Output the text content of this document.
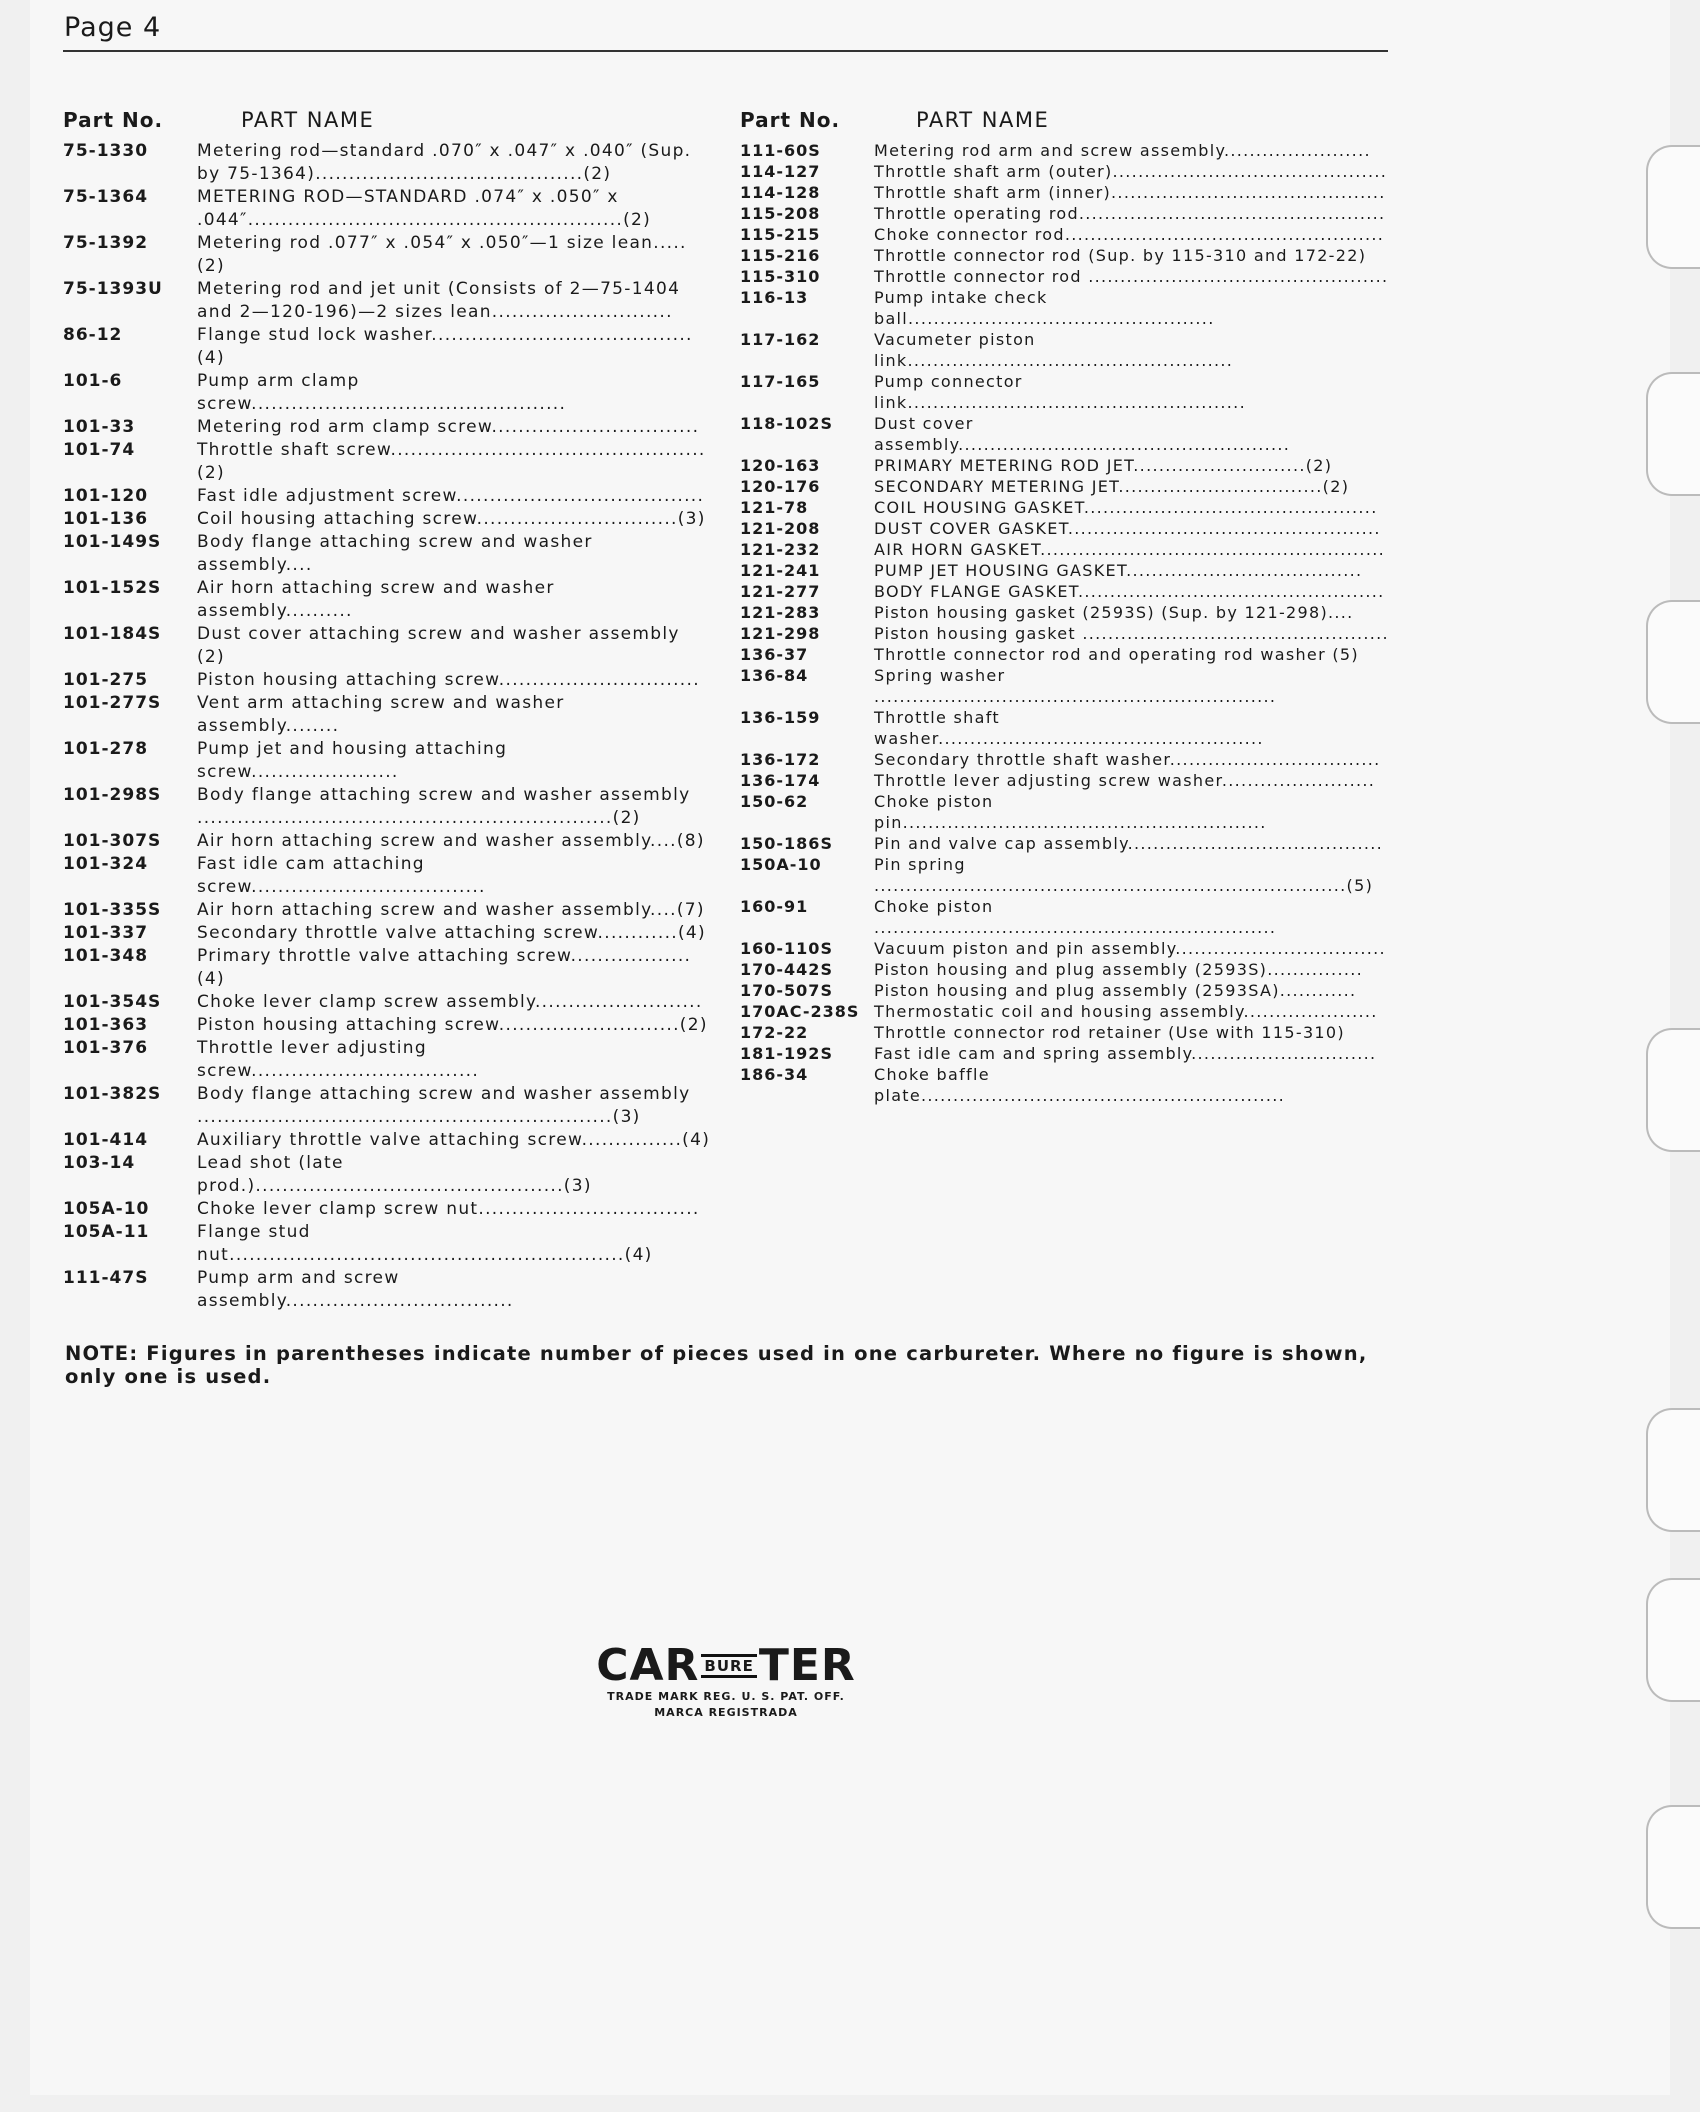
Page 4
Part No.	PART NAME
75-1330	Metering rod—standard .070″ x .047″ x .040″ (Sup. by 75-1364)........................................(2)
75-1364	METERING ROD—STANDARD .074″ x .050″ x .044″........................................................(2)
75-1392	Metering rod .077″ x .054″ x .050″—1 size lean.....(2)
75-1393U Metering rod and jet unit (Consists of 2—75-1404 and 2—120-196)—2 sizes lean...........................
86-12	Flange stud lock washer.......................................(4)
101-6	Pump arm clamp screw...............................................
101-33	Metering rod arm clamp screw...............................
101-74	Throttle shaft screw...............................................(2)
101-120	Fast idle adjustment screw.....................................
101-136	Coil housing attaching screw..............................(3)
101-149S Body flange attaching screw and washer assembly....
101-152S Air horn attaching screw and washer assembly..........
101-184S Dust cover attaching screw and washer assembly (2)
101-275	Piston housing attaching screw..............................
101-277S Vent arm attaching screw and washer assembly........
101-278	Pump jet and housing attaching screw......................
101-298S Body flange attaching screw and washer assembly ..............................................................(2)
101-307S Air horn attaching screw and washer assembly....(8)
101-324	Fast idle cam attaching screw...................................
101-335S Air horn attaching screw and washer assembly....(7)
101-337	Secondary throttle valve attaching screw............(4)
101-348	Primary throttle valve attaching screw..................(4)
101-354S Choke lever clamp screw assembly.........................
101-363	Piston housing attaching screw...........................(2)
101-376	Throttle lever adjusting screw..................................
101-382S Body flange attaching screw and washer assembly ..............................................................(3)
101-414	Auxiliary throttle valve attaching screw...............(4)
103-14	Lead shot (late prod.)..............................................(3)
105A-10	Choke lever clamp screw nut.................................
105A-11	Flange stud nut...........................................................(4)
111-47S	Pump arm and screw assembly..................................
Part No.	PART NAME
111-60S	Metering rod arm and screw assembly.......................
114-127	Throttle shaft arm (outer)...........................................
114-128	Throttle shaft arm (inner)...........................................
115-208	Throttle operating rod................................................
115-215	Choke connector rod..................................................
115-216	Throttle connector rod (Sup. by 115-310 and 172-22)
115-310	Throttle connector rod ...............................................
116-13	Pump intake check ball................................................
117-162	Vacumeter piston link...................................................
117-165	Pump connector link.....................................................
118-102S	Dust cover assembly....................................................
120-163	PRIMARY METERING ROD JET...........................(2)
120-176	SECONDARY METERING JET................................(2)
121-78	COIL HOUSING GASKET..............................................
121-208	DUST COVER GASKET.................................................
121-232	AIR HORN GASKET......................................................
121-241	PUMP JET HOUSING GASKET.....................................
121-277	BODY FLANGE GASKET................................................
121-283	Piston housing gasket (2593S) (Sup. by 121-298)....
121-298	Piston housing gasket ................................................
136-37	Throttle connector rod and operating rod washer (5)
136-84	Spring washer ...............................................................
136-159	Throttle shaft washer...................................................
136-172	Secondary throttle shaft washer.................................
136-174	Throttle lever adjusting screw washer........................
150-62	Choke piston pin.........................................................
150-186S	Pin and valve cap assembly........................................
150A-10	Pin spring ..........................................................................(5)
160-91	Choke piston ...............................................................
160-110S	Vacuum piston and pin assembly.................................
170-442S	Piston housing and plug assembly (2593S)...............
170-507S	Piston housing and plug assembly (2593SA)............
170AC-238S Thermostatic coil and housing assembly.....................
172-22	Throttle connector rod retainer (Use with 115-310)
181-192S	Fast idle cam and spring assembly.............................
186-34	Choke baffle plate.........................................................
NOTE: Figures in parentheses indicate number of pieces used in one carbureter. Where no figure is shown, only one is used.
CAR BURE TER
TRADE MARK REG. U. S. PAT. OFF.
MARCA REGISTRADA
